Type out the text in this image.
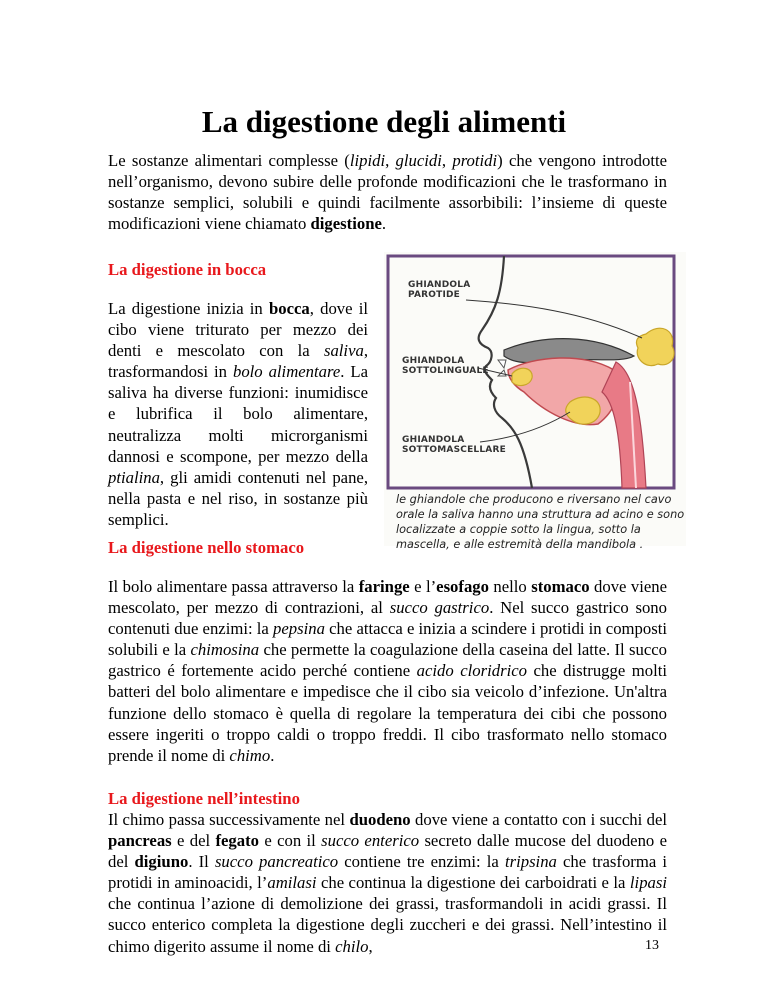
La digestione degli alimenti

Le sostanze alimentari complesse (lipidi, glucidi, protidi) che vengono introdotte nell’organismo, devono subire delle profonde modificazioni che le trasformano in sostanze semplici, solubili e quindi facilmente assorbibili: l’insieme di queste modificazioni viene chiamato digestione.

La digestione in bocca

La digestione inizia in bocca, dove il cibo viene triturato per mezzo dei denti e mescolato con la saliva, trasformandosi in bolo alimentare. La saliva ha diverse funzioni: inumidisce e lubrifica il bolo alimentare, neutralizza molti microrganismi dannosi e scompone, per mezzo della ptialina, gli amidi contenuti nel pane, nella pasta e nel riso, in sostanze più semplici.

GHIANDOLA PAROTIDE
GHIANDOLA SOTTOLINGUALE
GHIANDOLA SOTTOMASCELLARE
le ghiandole che producono e riversano nel cavo orale la saliva hanno una struttura ad acino e sono localizzate a coppie sotto la lingua, sotto la mascella, e alle estremità della mandibola .

La digestione nello stomaco

Il bolo alimentare passa attraverso la faringe e l’esofago nello stomaco dove viene mescolato, per mezzo di contrazioni, al succo gastrico. Nel succo gastrico sono contenuti due enzimi: la pepsina che attacca e inizia a scindere i protidi in composti solubili e la chimosina che permette la coagulazione della caseina del latte. Il succo gastrico é fortemente acido perché contiene acido cloridrico che distrugge molti batteri del bolo alimentare e impedisce che il cibo sia veicolo d’infezione. Un'altra funzione dello stomaco è quella di regolare la temperatura dei cibi che possono essere ingeriti o troppo caldi o troppo freddi. Il cibo trasformato nello stomaco prende il nome di chimo.

La digestione nell’intestino

Il chimo passa successivamente nel duodeno dove viene a contatto con i succhi del pancreas e del fegato e con il succo enterico secreto dalle mucose del duodeno e del digiuno. Il succo pancreatico contiene tre enzimi: la tripsina che trasforma i protidi in aminoacidi, l’amilasi che continua la digestione dei carboidrati e la lipasi che continua l’azione di demolizione dei grassi, trasformandoli in acidi grassi. Il succo enterico completa la digestione degli zuccheri e dei grassi. Nell’intestino il chimo digerito assume il nome di chilo,	13
